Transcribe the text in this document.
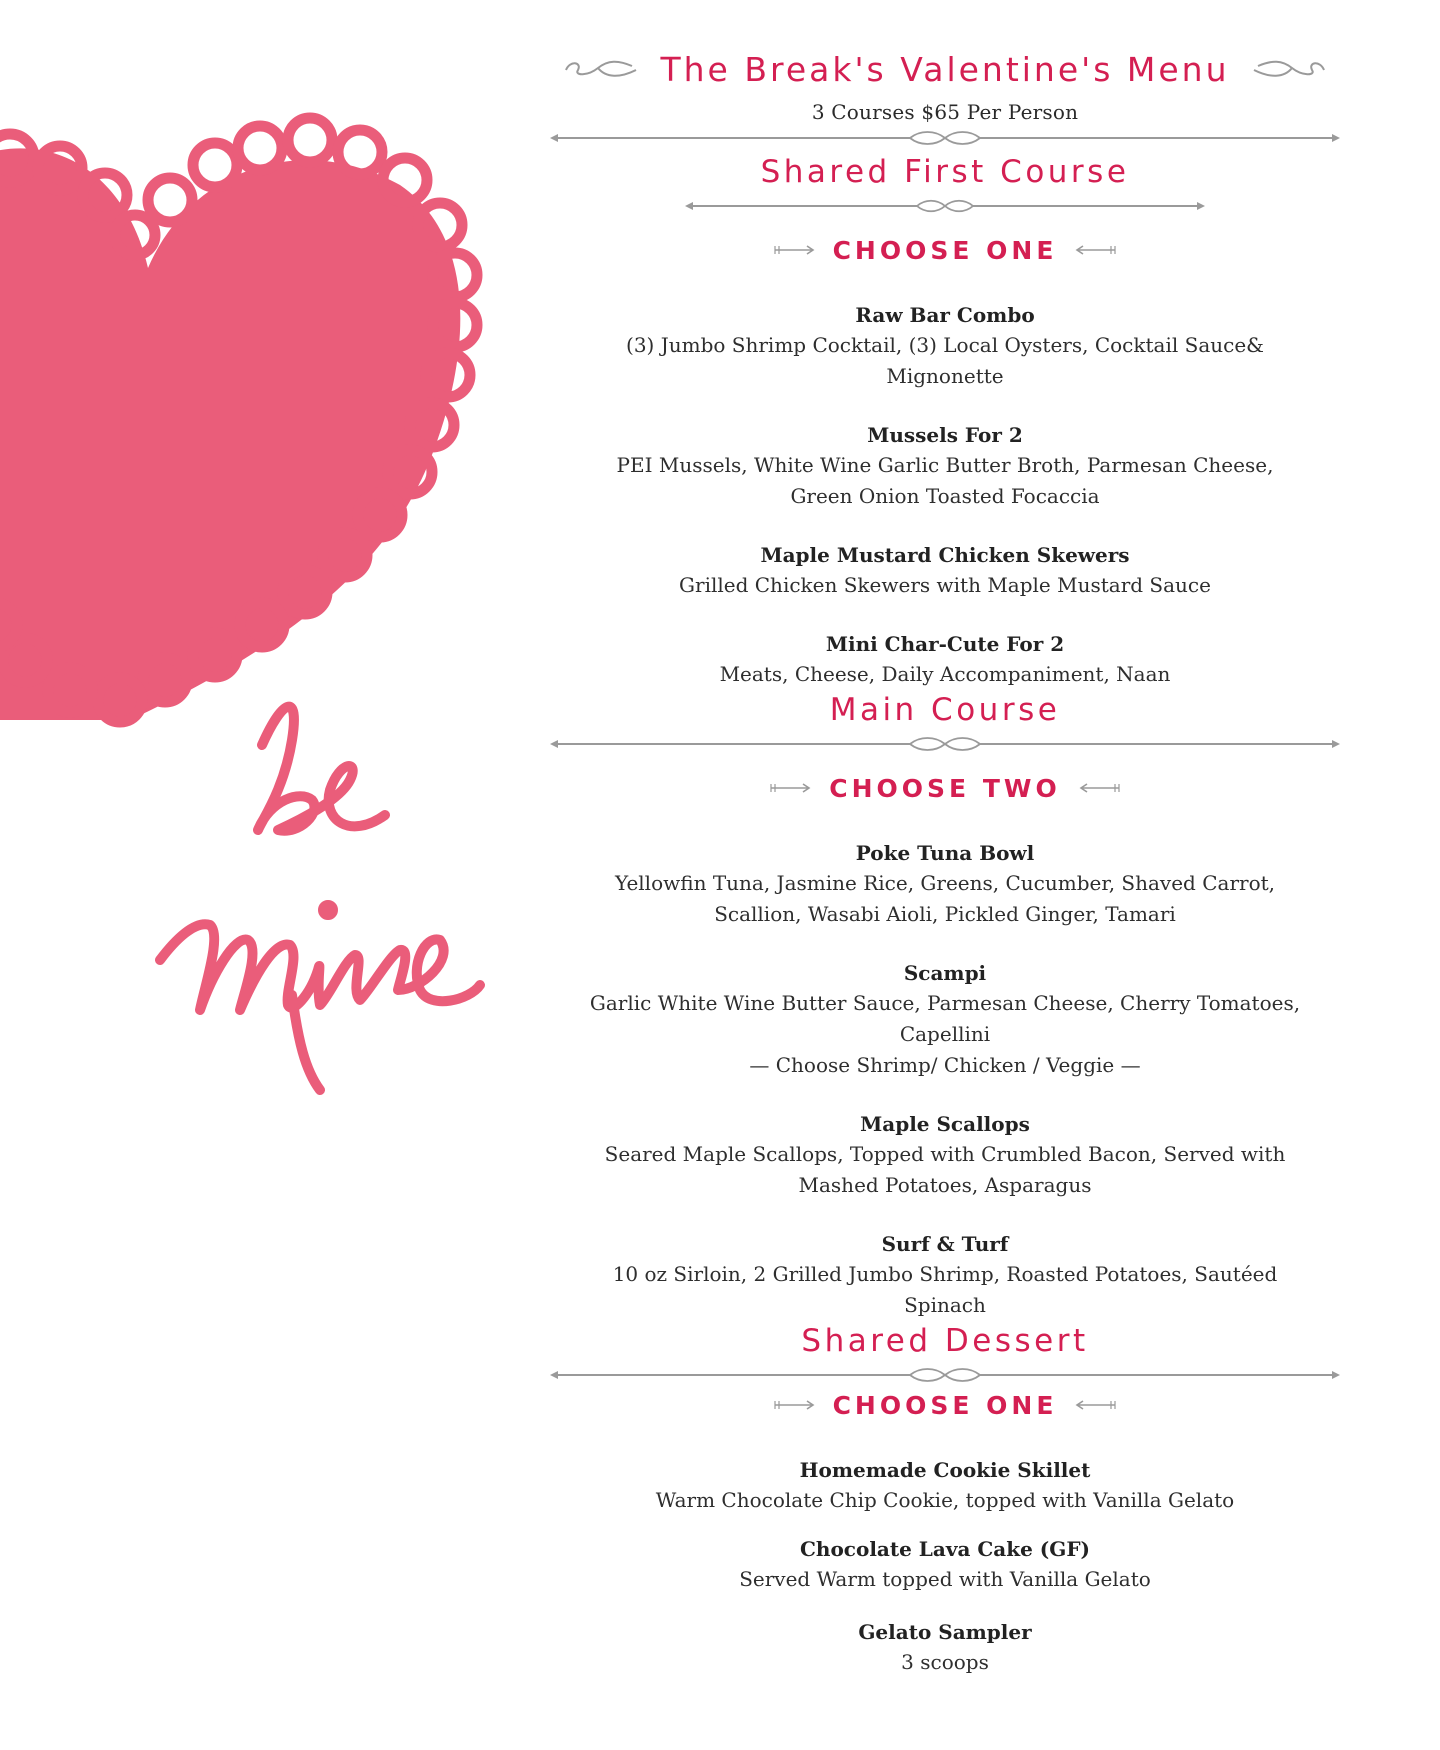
The Break's Valentine's Menu
3 Courses $65 Per Person
Shared First Course
CHOOSE ONE
Raw Bar Combo
(3) Jumbo Shrimp Cocktail, (3) Local Oysters, Cocktail Sauce&
Mignonette
Mussels For 2
PEI Mussels, White Wine Garlic Butter Broth, Parmesan Cheese,
Green Onion Toasted Focaccia
Maple Mustard Chicken Skewers
Grilled Chicken Skewers with Maple Mustard Sauce
Mini Char-Cute For 2
Meats, Cheese, Daily Accompaniment, Naan
Main Course
CHOOSE TWO
Poke Tuna Bowl
Yellowfin Tuna, Jasmine Rice, Greens, Cucumber, Shaved Carrot,
Scallion, Wasabi Aioli, Pickled Ginger, Tamari
Scampi
Garlic White Wine Butter Sauce, Parmesan Cheese, Cherry Tomatoes,
Capellini
— Choose Shrimp/ Chicken / Veggie —
Maple Scallops
Seared Maple Scallops, Topped with Crumbled Bacon, Served with
Mashed Potatoes, Asparagus
Surf & Turf
10 oz Sirloin, 2 Grilled Jumbo Shrimp, Roasted Potatoes, Sautéed
Spinach
Shared Dessert
CHOOSE ONE
Homemade Cookie Skillet
Warm Chocolate Chip Cookie, topped with Vanilla Gelato
Chocolate Lava Cake (GF)
Served Warm topped with Vanilla Gelato
Gelato Sampler
3 scoops
